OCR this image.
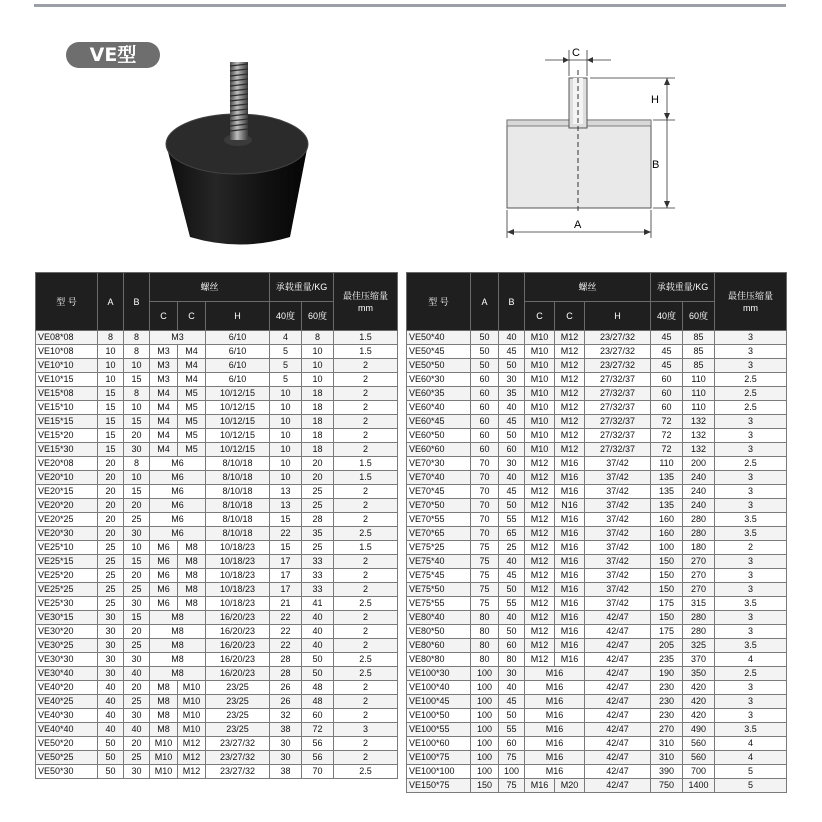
VE型	C
H
B
A
型 号	A	B	螺丝			承载重量/KG		最佳压缩量
mm
			C	C	H	40度	60度	
VE08*08	8	8	M3		6/10	4	8	1.5
VE10*08	10	8	M3	M4	6/10	5	10	1.5
VE10*10	10	10	M3	M4	6/10	5	10	2
VE10*15	10	15	M3	M4	6/10	5	10	2
VE15*08	15	8	M4	M5	10/12/15	10	18	2
VE15*10	15	10	M4	M5	10/12/15	10	18	2
VE15*15	15	15	M4	M5	10/12/15	10	18	2
VE15*20	15	20	M4	M5	10/12/15	10	18	2
VE15*30	15	30	M4	M5	10/12/15	10	18	2
VE20*08	20	8	M6		8/10/18	10	20	1.5
VE20*10	20	10	M6		8/10/18	10	20	1.5
VE20*15	20	15	M6		8/10/18	13	25	2
VE20*20	20	20	M6		8/10/18	13	25	2
VE20*25	20	25	M6		8/10/18	15	28	2
VE20*30	20	30	M6		8/10/18	22	35	2.5
VE25*10	25	10	M6	M8	10/18/23	15	25	1.5
VE25*15	25	15	M6	M8	10/18/23	17	33	2
VE25*20	25	20	M6	M8	10/18/23	17	33	2
VE25*25	25	25	M6	M8	10/18/23	17	33	2
VE25*30	25	30	M6	M8	10/18/23	21	41	2.5
VE30*15	30	15	M8		16/20/23	22	40	2
VE30*20	30	20	M8		16/20/23	22	40	2
VE30*25	30	25	M8		16/20/23	22	40	2
VE30*30	30	30	M8		16/20/23	28	50	2.5
VE30*40	30	40	M8		16/20/23	28	50	2.5
VE40*20	40	20	M8	M10	23/25	26	48	2
VE40*25	40	25	M8	M10	23/25	26	48	2
VE40*30	40	30	M8	M10	23/25	32	60	2
VE40*40	40	40	M8	M10	23/25	38	72	3
VE50*20	50	20	M10	M12	23/27/32	30	56	2
VE50*25	50	25	M10	M12	23/27/32	30	56	2
VE50*30	50	30	M10	M12	23/27/32	38	70	2.5
型 号	A	B	螺丝			承载重量/KG		最佳压缩量
mm
			C	C	H	40度	60度	
VE50*40	50	40	M10	M12	23/27/32	45	85	3
VE50*45	50	45	M10	M12	23/27/32	45	85	3
VE50*50	50	50	M10	M12	23/27/32	45	85	3
VE60*30	60	30	M10	M12	27/32/37	60	110	2.5
VE60*35	60	35	M10	M12	27/32/37	60	110	2.5
VE60*40	60	40	M10	M12	27/32/37	60	110	2.5
VE60*45	60	45	M10	M12	27/32/37	72	132	3
VE60*50	60	50	M10	M12	27/32/37	72	132	3
VE60*60	60	60	M10	M12	27/32/37	72	132	3
VE70*30	70	30	M12	M16	37/42	110	200	2.5
VE70*40	70	40	M12	M16	37/42	135	240	3
VE70*45	70	45	M12	M16	37/42	135	240	3
VE70*50	70	50	M12	N16	37/42	135	240	3
VE70*55	70	55	M12	M16	37/42	160	280	3.5
VE70*65	70	65	M12	M16	37/42	160	280	3.5
VE75*25	75	25	M12	M16	37/42	100	180	2
VE75*40	75	40	M12	M16	37/42	150	270	3
VE75*45	75	45	M12	M16	37/42	150	270	3
VE75*50	75	50	M12	M16	37/42	150	270	3
VE75*55	75	55	M12	M16	37/42	175	315	3.5
VE80*40	80	40	M12	M16	42/47	150	280	3
VE80*50	80	50	M12	M16	42/47	175	280	3
VE80*60	80	60	M12	M16	42/47	205	325	3.5
VE80*80	80	80	M12	M16	42/47	235	370	4
VE100*30	100	30	M16		42/47	190	350	2.5
VE100*40	100	40	M16		42/47	230	420	3
VE100*45	100	45	M16		42/47	230	420	3
VE100*50	100	50	M16		42/47	230	420	3
VE100*55	100	55	M16		42/47	270	490	3.5
VE100*60	100	60	M16		42/47	310	560	4
VE100*75	100	75	M16		42/47	310	560	4
VE100*100	100	100	M16		42/47	390	700	5
VE150*75	150	75	M16	M20	42/47	750	1400	5
